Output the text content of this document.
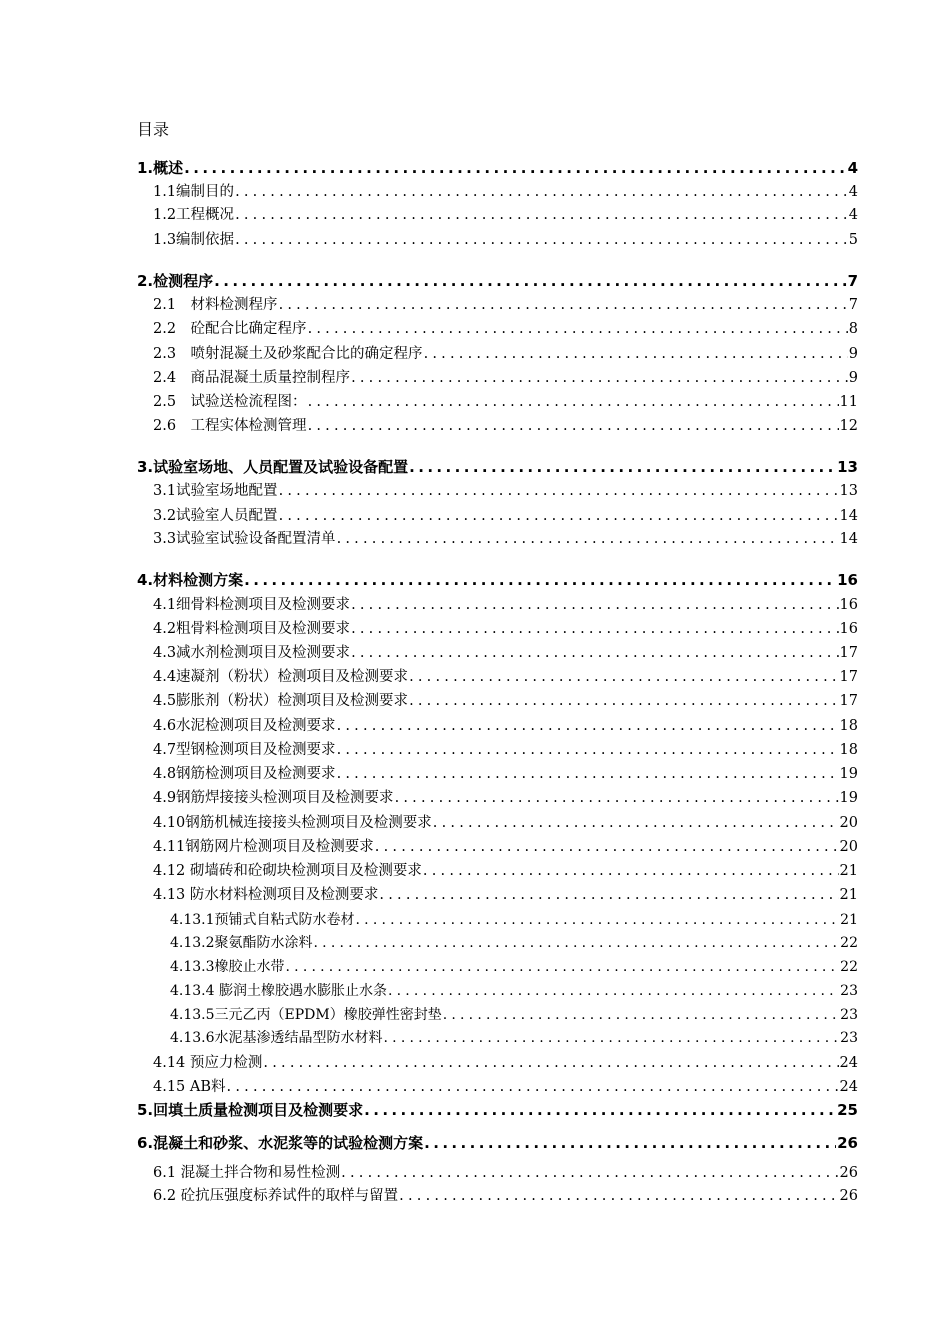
目录
1.概述 .....	4
1.1编制目的 .....	4
1.2工程概况 .....	4
1.3编制依据 .....	5
2.检测程序 .....	7
2.1　材料检测程序 .....	7
2.2　砼配合比确定程序 .....	8
2.3　喷射混凝土及砂浆配合比的确定程序 .....	9
2.4　商品混凝土质量控制程序 .....	9
2.5　试验送检流程图： .....	11
2.6　工程实体检测管理 .....	12
3.试验室场地、人员配置及试验设备配置 .....	13
3.1试验室场地配置 .....	13
3.2试验室人员配置 .....	14
3.3试验室试验设备配置清单 .....	14
4.材料检测方案 .....	16
4.1细骨料检测项目及检测要求 .....	16
4.2粗骨料检测项目及检测要求 .....	16
4.3减水剂检测项目及检测要求 .....	17
4.4速凝剂（粉状）检测项目及检测要求 .....	17
4.5膨胀剂（粉状）检测项目及检测要求 .....	17
4.6水泥检测项目及检测要求 .....	18
4.7型钢检测项目及检测要求 .....	18
4.8钢筋检测项目及检测要求 .....	19
4.9钢筋焊接接头检测项目及检测要求 .....	19
4.10钢筋机械连接接头检测项目及检测要求 .....	20
4.11钢筋网片检测项目及检测要求 .....	20
4.12 砌墙砖和砼砌块检测项目及检测要求 .....	21
4.13 防水材料检测项目及检测要求 .....	21
4.13.1预铺式自粘式防水卷材 .....	21
4.13.2聚氨酯防水涂料 .....	22
4.13.3橡胶止水带 .....	22
4.13.4 膨润土橡胶遇水膨胀止水条 .....	23
4.13.5三元乙丙（EPDM）橡胶弹性密封垫 .....	23
4.13.6水泥基渗透结晶型防水材料 .....	23
4.14 预应力检测 .....	24
4.15 AB料 .....	24
5.回填土质量检测项目及检测要求 .....	25
6.混凝土和砂浆、水泥浆等的试验检测方案 .....	26
6.1 混凝土拌合物和易性检测 .....	26
6.2 砼抗压强度标养试件的取样与留置 .....	26
